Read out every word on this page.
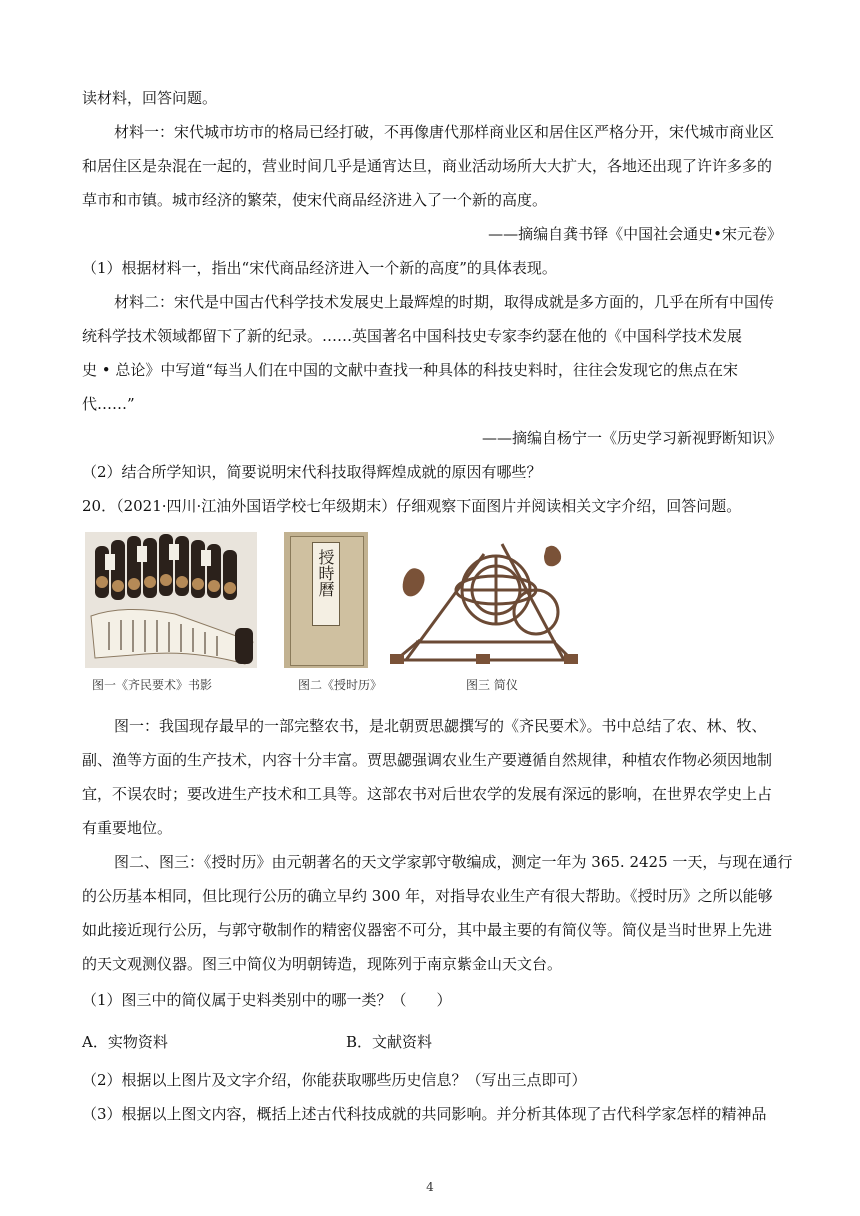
读材料，回答问题。
材料一：宋代城市坊市的格局已经打破，不再像唐代那样商业区和居住区严格分开，宋代城市商业区
和居住区是杂混在一起的，营业时间几乎是通宵达旦，商业活动场所大大扩大，各地还出现了许许多多的
草市和市镇。城市经济的繁荣，使宋代商品经济进入了一个新的高度。
——摘编自龚书铎《中国社会通史•宋元卷》
（1）根据材料一，指出“宋代商品经济进入一个新的高度”的具体表现。
材料二：宋代是中国古代科学技术发展史上最辉煌的时期，取得成就是多方面的，几乎在所有中国传
统科学技术领域都留下了新的纪录。……英国著名中国科技史专家李约瑟在他的《中国科学技术发展
史 • 总论》中写道“每当人们在中国的文献中查找一种具体的科技史料时，往往会发现它的焦点在宋
代……”
——摘编自杨宁一《历史学习新视野断知识》
（2）结合所学知识，简要说明宋代科技取得辉煌成就的原因有哪些？
20．（2021·四川·江油外国语学校七年级期末）仔细观察下面图片并阅读相关文字介绍，回答问题。
授時曆
图一《齐民要术》书影	图二《授时历》	图三 简仪
图一：我国现存最早的一部完整农书，是北朝贾思勰撰写的《齐民要术》。书中总结了农、林、牧、
副、渔等方面的生产技术，内容十分丰富。贾思勰强调农业生产要遵循自然规律，种植农作物必须因地制
宜，不误农时；要改进生产技术和工具等。这部农书对后世农学的发展有深远的影响，在世界农学史上占
有重要地位。
图二、图三：《授时历》由元朝著名的天文学家郭守敬编成，测定一年为 365. 2425 一天，与现在通行
的公历基本相同，但比现行公历的确立早约 300 年，对指导农业生产有很大帮助。《授时历》之所以能够
如此接近现行公历，与郭守敬制作的精密仪器密不可分，其中最主要的有简仪等。简仪是当时世界上先进
的天文观测仪器。图三中简仪为明朝铸造，现陈列于南京紫金山天文台。
（1）图三中的简仪属于史料类别中的哪一类？（　　）
A．实物资料	B．文献资料
（2）根据以上图片及文字介绍，你能获取哪些历史信息？（写出三点即可）
（3）根据以上图文内容，概括上述古代科技成就的共同影响。并分析其体现了古代科学家怎样的精神品
4
